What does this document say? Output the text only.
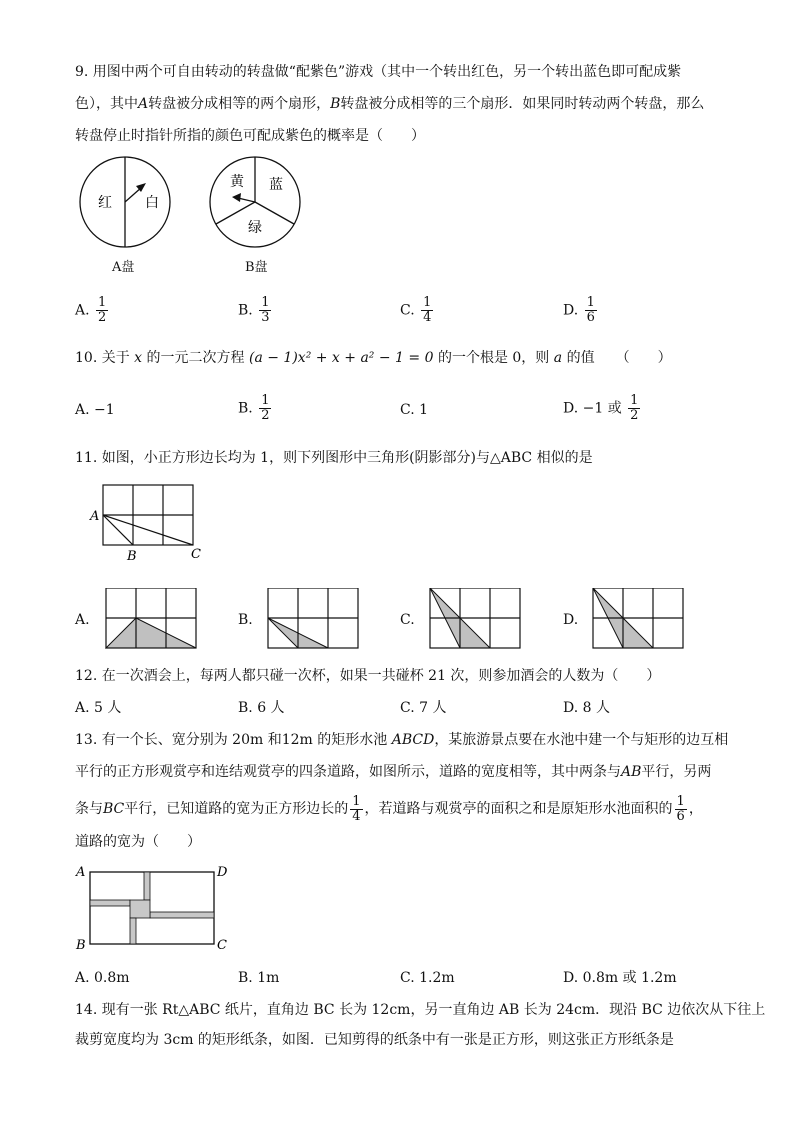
9. 用图中两个可自由转动的转盘做“配紫色”游戏（其中一个转出红色，另一个转出蓝色即可配成紫
色），其中A转盘被分成相等的两个扇形，B转盘被分成相等的三个扇形．如果同时转动两个转盘，那么
转盘停止时指针所指的颜色可配成紫色的概率是（　　）
红 白
黄 蓝
绿
A盘	B盘
A. $\frac{1}{2}$	B. $\frac{1}{3}$	C. $\frac{1}{4}$	D. $\frac{1}{6}$
10. 关于 x 的一元二次方程 (a − 1)x² + x + a² − 1 = 0 的一个根是 0，则 a 的值　　（　　）
A. −1	B. $\frac{1}{2}$	C. 1	D. −1 或 $\frac{1}{2}$
11. 如图，小正方形边长均为 1，则下列图形中三角形(阴影部分)与△ABC 相似的是
A
B	C
A.	B.	C.	D.
12. 在一次酒会上，每两人都只碰一次杯，如果一共碰杯 21 次，则参加酒会的人数为（　　）
A. 5 人	B. 6 人	C. 7 人	D. 8 人
13. 有一个长、宽分别为 20m 和12m 的矩形水池 ABCD，某旅游景点要在水池中建一个与矩形的边互相
平行的正方形观赏亭和连结观赏亭的四条道路，如图所示，道路的宽度相等，其中两条与AB平行，另两
条与BC平行，已知道路的宽为正方形边长的 $\frac{1}{4}$ ，若道路与观赏亭的面积之和是原矩形水池面积的 $\frac{1}{6}$ ，
道路的宽为（　　）
A	D
B	C
A. 0.8m	B. 1m	C. 1.2m	D. 0.8m 或 1.2m
14. 现有一张 Rt△ABC 纸片，直角边 BC 长为 12cm，另一直角边 AB 长为 24cm．现沿 BC 边依次从下往上
裁剪宽度均为 3cm 的矩形纸条，如图．已知剪得的纸条中有一张是正方形，则这张正方形纸条是
